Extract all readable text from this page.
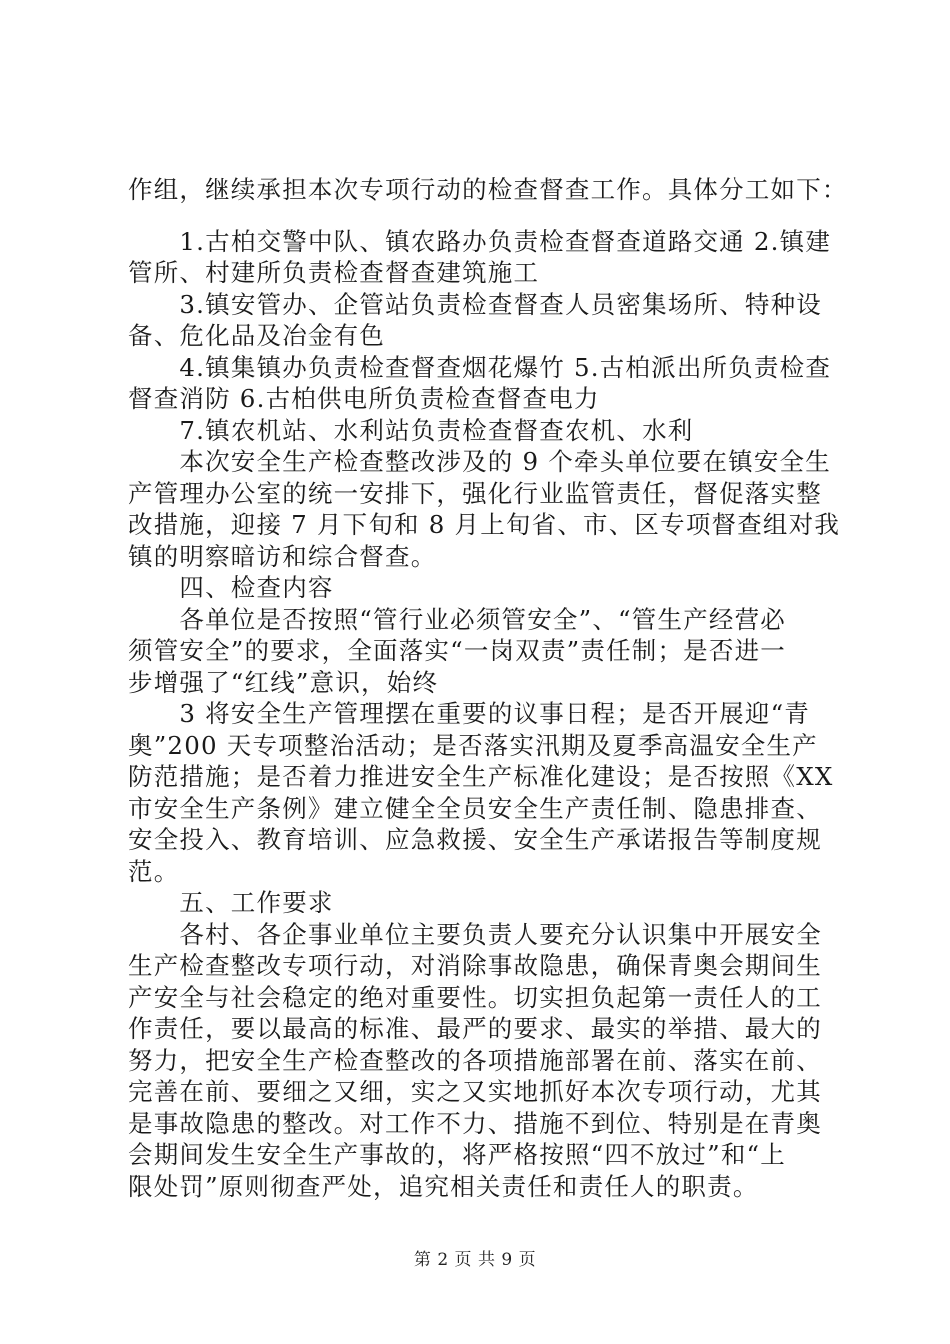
作组，继续承担本次专项行动的检查督查工作。具体分工如下：
　　1.古柏交警中队、镇农路办负责检查督查道路交通 2.镇建
管所、村建所负责检查督查建筑施工
　　3.镇安管办、企管站负责检查督查人员密集场所、特种设
备、危化品及冶金有色
　　4.镇集镇办负责检查督查烟花爆竹 5.古柏派出所负责检查
督查消防 6.古柏供电所负责检查督查电力
　　7.镇农机站、水利站负责检查督查农机、水利
　　本次安全生产检查整改涉及的 9 个牵头单位要在镇安全生
产管理办公室的统一安排下，强化行业监管责任，督促落实整
改措施，迎接 7 月下旬和 8 月上旬省、市、区专项督查组对我
镇的明察暗访和综合督查。
　　四、检查内容
　　各单位是否按照“管行业必须管安全”、“管生产经营必
须管安全”的要求，全面落实“一岗双责”责任制；是否进一
步增强了“红线”意识，始终
　　3 将安全生产管理摆在重要的议事日程；是否开展迎“青
奥”200 天专项整治活动；是否落实汛期及夏季高温安全生产
防范措施；是否着力推进安全生产标准化建设；是否按照《XX
市安全生产条例》建立健全全员安全生产责任制、隐患排查、
安全投入、教育培训、应急救援、安全生产承诺报告等制度规
范。
　　五、工作要求
　　各村、各企事业单位主要负责人要充分认识集中开展安全
生产检查整改专项行动，对消除事故隐患，确保青奥会期间生
产安全与社会稳定的绝对重要性。切实担负起第一责任人的工
作责任，要以最高的标准、最严的要求、最实的举措、最大的
努力，把安全生产检查整改的各项措施部署在前、落实在前、
完善在前、要细之又细，实之又实地抓好本次专项行动，尤其
是事故隐患的整改。对工作不力、措施不到位、特别是在青奥
会期间发生安全生产事故的，将严格按照“四不放过”和“上
限处罚”原则彻查严处，追究相关责任和责任人的职责。
第 2 页 共 9 页
